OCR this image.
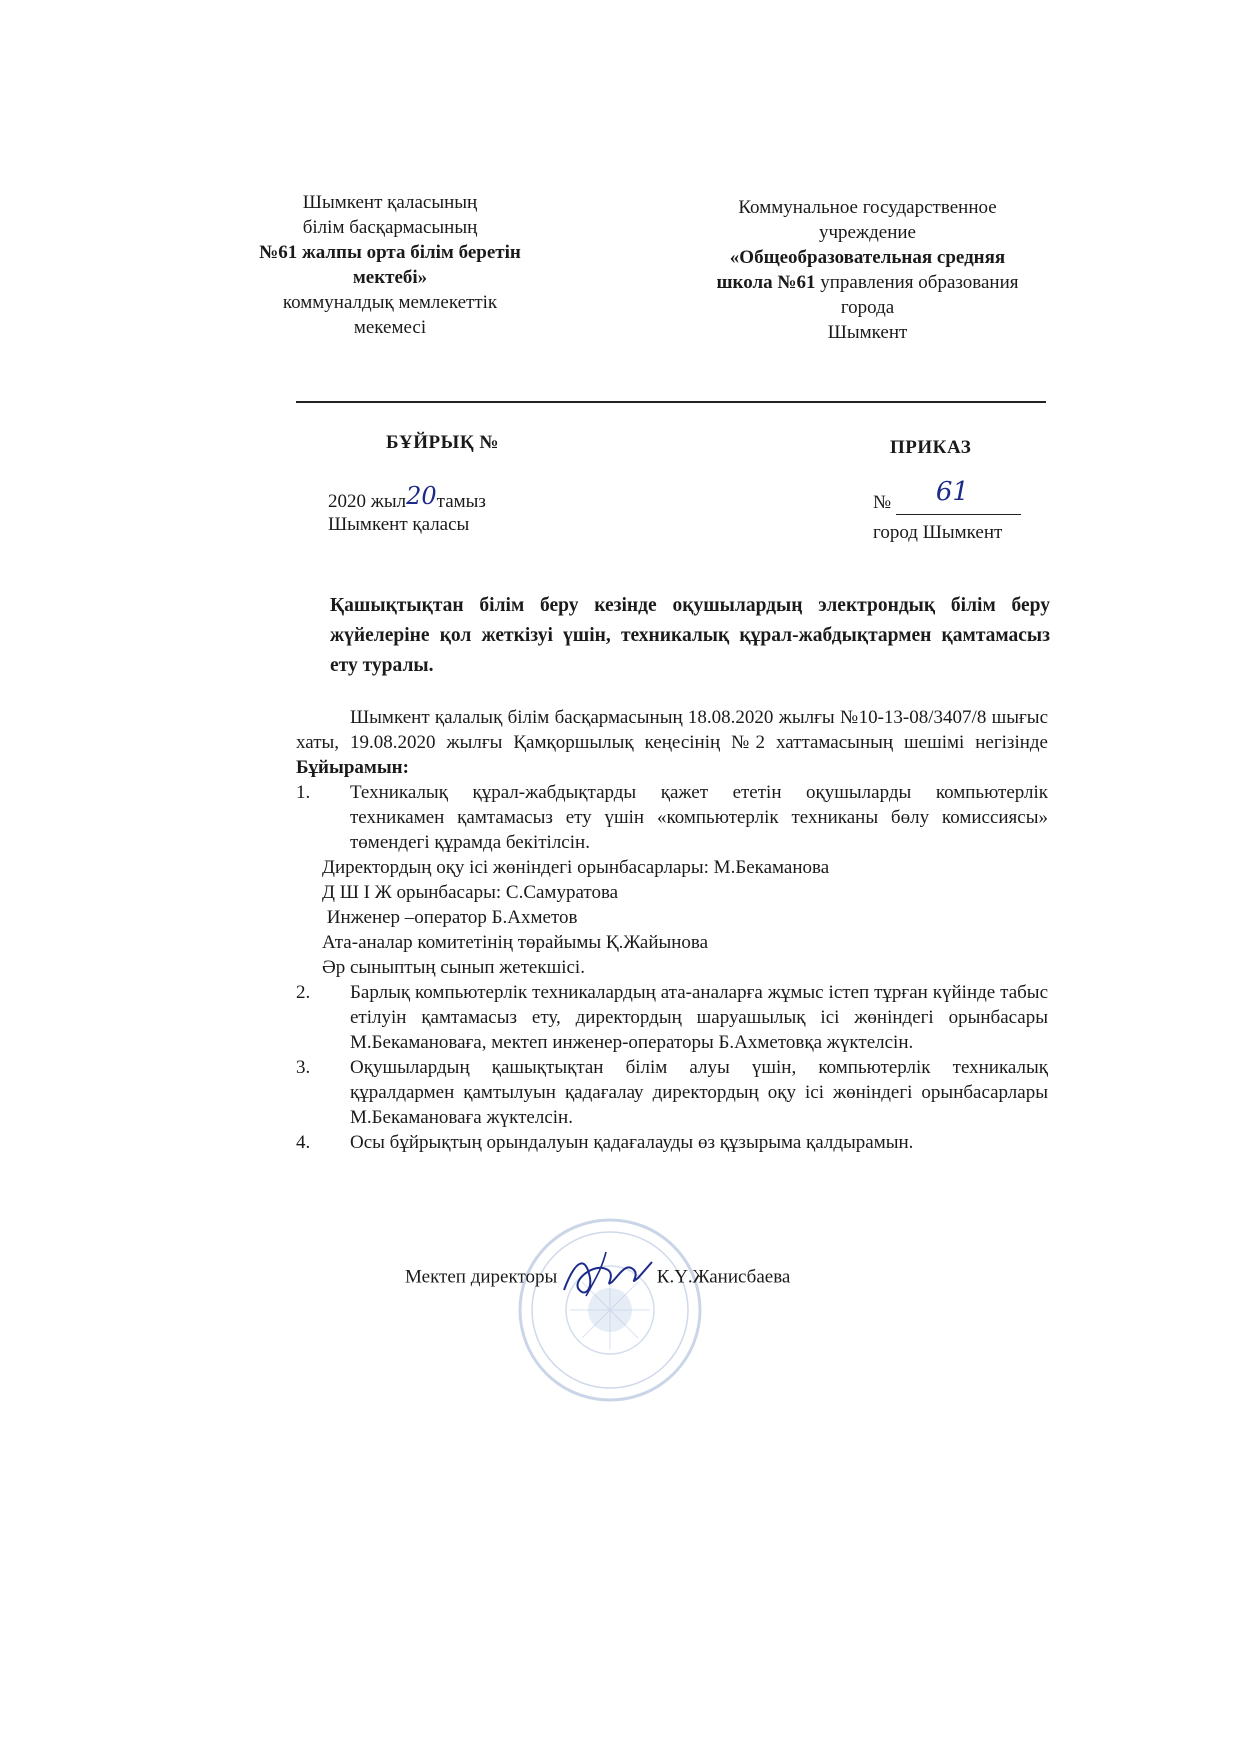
Шымкент қаласының
білім басқармасының
№61 жалпы орта білім беретін
мектебі»
коммуналдық мемлекеттік
мекемесі
Коммунальное государственное
учреждение
«Общеобразовательная средняя
школа №61 управления образования
города
Шымкент
БҰЙРЫҚ №	ПРИКАЗ
2020 жыл20тамыз
Шымкент қаласы
№ 61
город Шымкент
Қашықтықтан білім беру кезінде оқушылардың электрондық білім беру жүйелеріне қол жеткізуі үшін, техникалық құрал-жабдықтармен қамтамасыз ету туралы.

Шымкент қалалық білім басқармасының 18.08.2020 жылғы №10-13-08/3407/8 шығыс хаты, 19.08.2020 жылғы Қамқоршылық кеңесінің №2 хаттамасының шешімі негізінде Бұйырамын:

1.	Техникалық құрал-жабдықтарды қажет ететін оқушыларды компьютерлік техникамен қамтамасыз ету үшін «компьютерлік техниканы бөлу комиссиясы» төмендегі құрамда бекітілсін.

Директордың оқу ісі жөніндегі орынбасарлары: М.Бекаманова

Д Ш І Ж орынбасары: С.Самуратова

Инженер –оператор Б.Ахметов

Ата-аналар комитетінің төрайымы Қ.Жайынова

Әр сыныптың сынып жетекшісі.

2.	Барлық компьютерлік техникалардың ата-аналарға жұмыс істеп тұрған күйінде табыс етілуін қамтамасыз ету, директордың шаруашылық ісі жөніндегі орынбасары М.Бекамановаға, мектеп инженер-операторы Б.Ахметовқа жүктелсін.
3.	Оқушылардың қашықтықтан білім алуы үшін, компьютерлік техникалық құралдармен қамтылуын қадағалау директордың оқу ісі жөніндегі орынбасарлары М.Бекамановаға жүктелсін.
4.	Осы бұйрықтың орындалуын қадағалауды өз құзырыма қалдырамын.
Мектеп директоры	К.Ү.Жанисбаева
